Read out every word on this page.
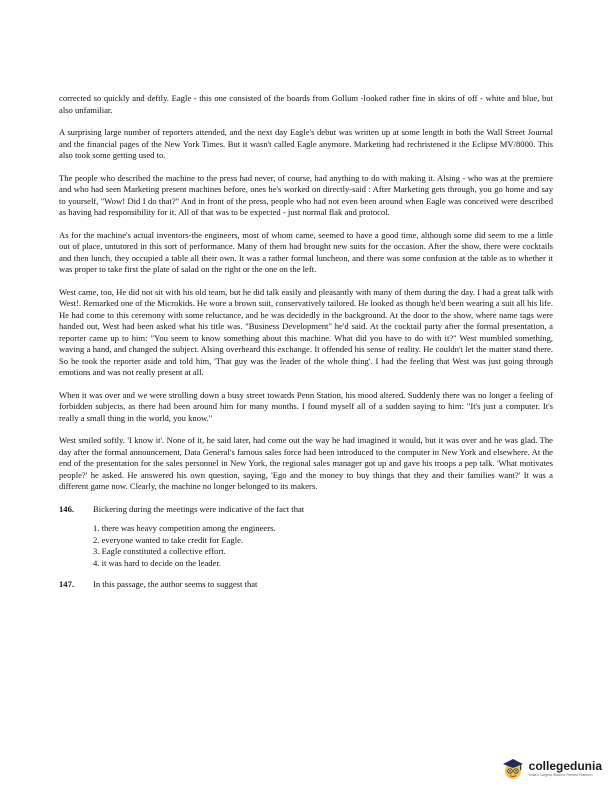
corrected so quickly and deftly. Eagle - this one consisted of the boards from Gollum -looked rather fine in skins of off - white and blue, but also unfamiliar.

A surprising large number of reporters attended, and the next day Eagle's debut was written up at some length in both the Wall Street Journal and the financial pages of the New York Times. But it wasn't called Eagle anymore. Marketing had rechristened it the Eclipse MV/8000. This also took some getting used to.

The people who described the machine to the press had never, of course, had anything to do with making it. Alsing - who was at the premiere and who had seen Marketing present machines before, ones he's worked on directly-said : After Marketing gets through, you go home and say to yourself, "Wow! Did I do that?" And in front of the press, people who had not even been around when Eagle was conceived were described as having had responsibility for it. All of that was to be expected - just normal flak and protocol.

As for the machine's actual inventors-the engineers, most of whom came, seemed to have a good time, although some did seem to me a little out of place, untutored in this sort of performance. Many of them had brought new suits for the occasion. After the show, there were cocktails and then lunch, they occupied a table all their own. It was a rather formal luncheon, and there was some confusion at the table as to whether it was proper to take first the plate of salad on the right or the one on the left.

West came, too, He did not sit with his old team, but he did talk easily and pleasantly with many of them during the day. I had a great talk with West!. Remarked one of the Microkids. He wore a brown suit, conservatively tailored. He looked as though he'd been wearing a suit all his life. He had come to this ceremony with some reluctance, and he was decidedly in the background. At the door to the show, where name tags were handed out, West had been asked what his title was. "Business Development" he'd said. At the cocktail party after the formal presentation, a reporter came up to him: "You seem to know something about this machine. What did you have to do with it?" West mumbled something, waving a hand, and changed the subject. Alsing overheard this exchange. It offended his sense of reality. He couldn't let the matter stand there. So he took the reporter aside and told him, 'That guy was the leader of the whole thing'. I had the feeling that West was just going through emotions and was not really present at all.

When it was over and we were strolling down a busy street towards Penn Station, his mood altered. Suddenly there was no longer a feeling of forbidden subjects, as there had been around him for many months. I found myself all of a sudden saying to him: "It's just a computer. It's really a small thing in the world, you know."

West smiled softly. 'I know it'. None of it, he said later, had come out the way he had imagined it would, but it was over and he was glad. The day after the formal announcement, Data General's famous sales force had been introduced to the computer in New York and elsewhere. At the end of the presentation for the sales personnel in New York, the regional sales manager got up and gave his troops a pep talk. 'What motivates people?' he asked. He answered his own question, saying, 'Ego and the money to buy things that they and their families want?' It was a different game now. Clearly, the machine no longer belonged to its makers.

146.	Bickering during the meetings were indicative of the fact that
1. there was heavy competition among the engineers.
2. everyone wanted to take credit for Eagle.
3. Eagle constituted a collective effort.
4. it was hard to decide on the leader.
147.	In this passage, the author seems to suggest that
collegedunia
India's Largest Student Review Platform
